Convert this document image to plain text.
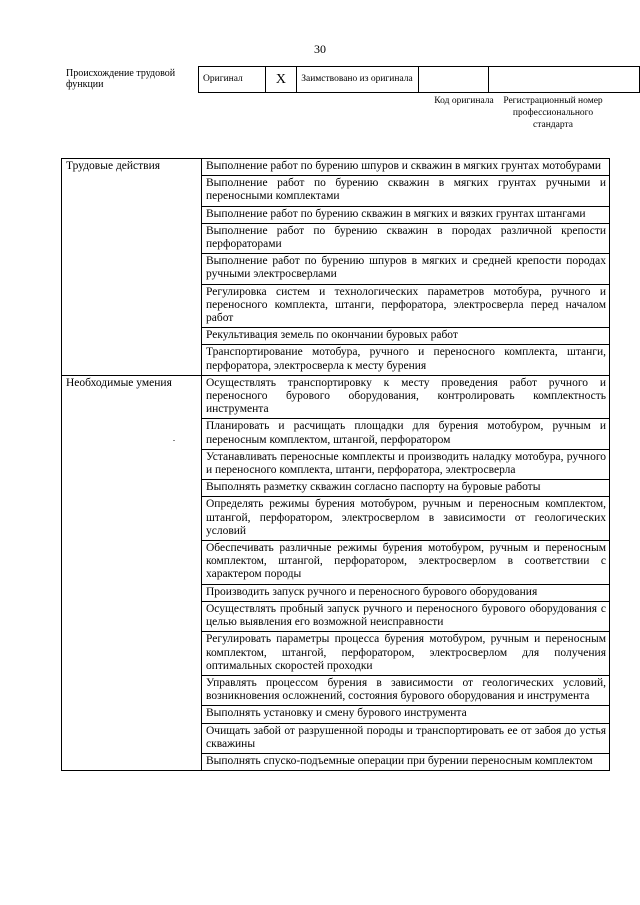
30
Происхождение трудовой функции	Оригинал	X	Заимствовано из оригинала		
Код оригинала	Регистрационный номер профессионального стандарта
Трудовые действия	Выполнение работ по бурению шпуров и скважин в мягких грунтах мотобурами
	Выполнение работ по бурению скважин в мягких грунтах ручными и переносными комплектами
	Выполнение работ по бурению скважин в мягких и вязких грунтах штангами
	Выполнение работ по бурению скважин в породах различной крепости перфораторами
	Выполнение работ по бурению шпуров в мягких и средней крепости породах ручными электросверлами
	Регулировка систем и технологических параметров мотобура, ручного и переносного комплекта, штанги, перфоратора, электросверла перед началом работ
	Рекультивация земель по окончании буровых работ
	Транспортирование мотобура, ручного и переносного комплекта, штанги, перфоратора, электросверла к месту бурения
Необходимые умения	Осуществлять транспортировку к месту проведения работ ручного и переносного бурового оборудования, контролировать комплектность инструмента
	Планировать и расчищать площадки для бурения мотобуром, ручным и переносным комплектом, штангой, перфоратором
	Устанавливать переносные комплекты и производить наладку мотобура, ручного и переносного комплекта, штанги, перфоратора, электросверла
	Выполнять разметку скважин согласно паспорту на буровые работы
	Определять режимы бурения мотобуром, ручным и переносным комплектом, штангой, перфоратором, электросверлом в зависимости от геологических условий
	Обеспечивать различные режимы бурения мотобуром, ручным и переносным комплектом, штангой, перфоратором, электросверлом в соответствии с характером породы
	Производить запуск ручного и переносного бурового оборудования
	Осуществлять пробный запуск ручного и переносного бурового оборудования с целью выявления его возможной неисправности
	Регулировать параметры процесса бурения мотобуром, ручным и переносным комплектом, штангой, перфоратором, электросверлом для получения оптимальных скоростей проходки
	Управлять процессом бурения в зависимости от геологических условий, возникновения осложнений, состояния бурового оборудования и инструмента
	Выполнять установку и смену бурового инструмента
	Очищать забой от разрушенной породы и транспортировать ее от забоя до устья скважины
	Выполнять спуско-подъемные операции при бурении переносным комплектом
